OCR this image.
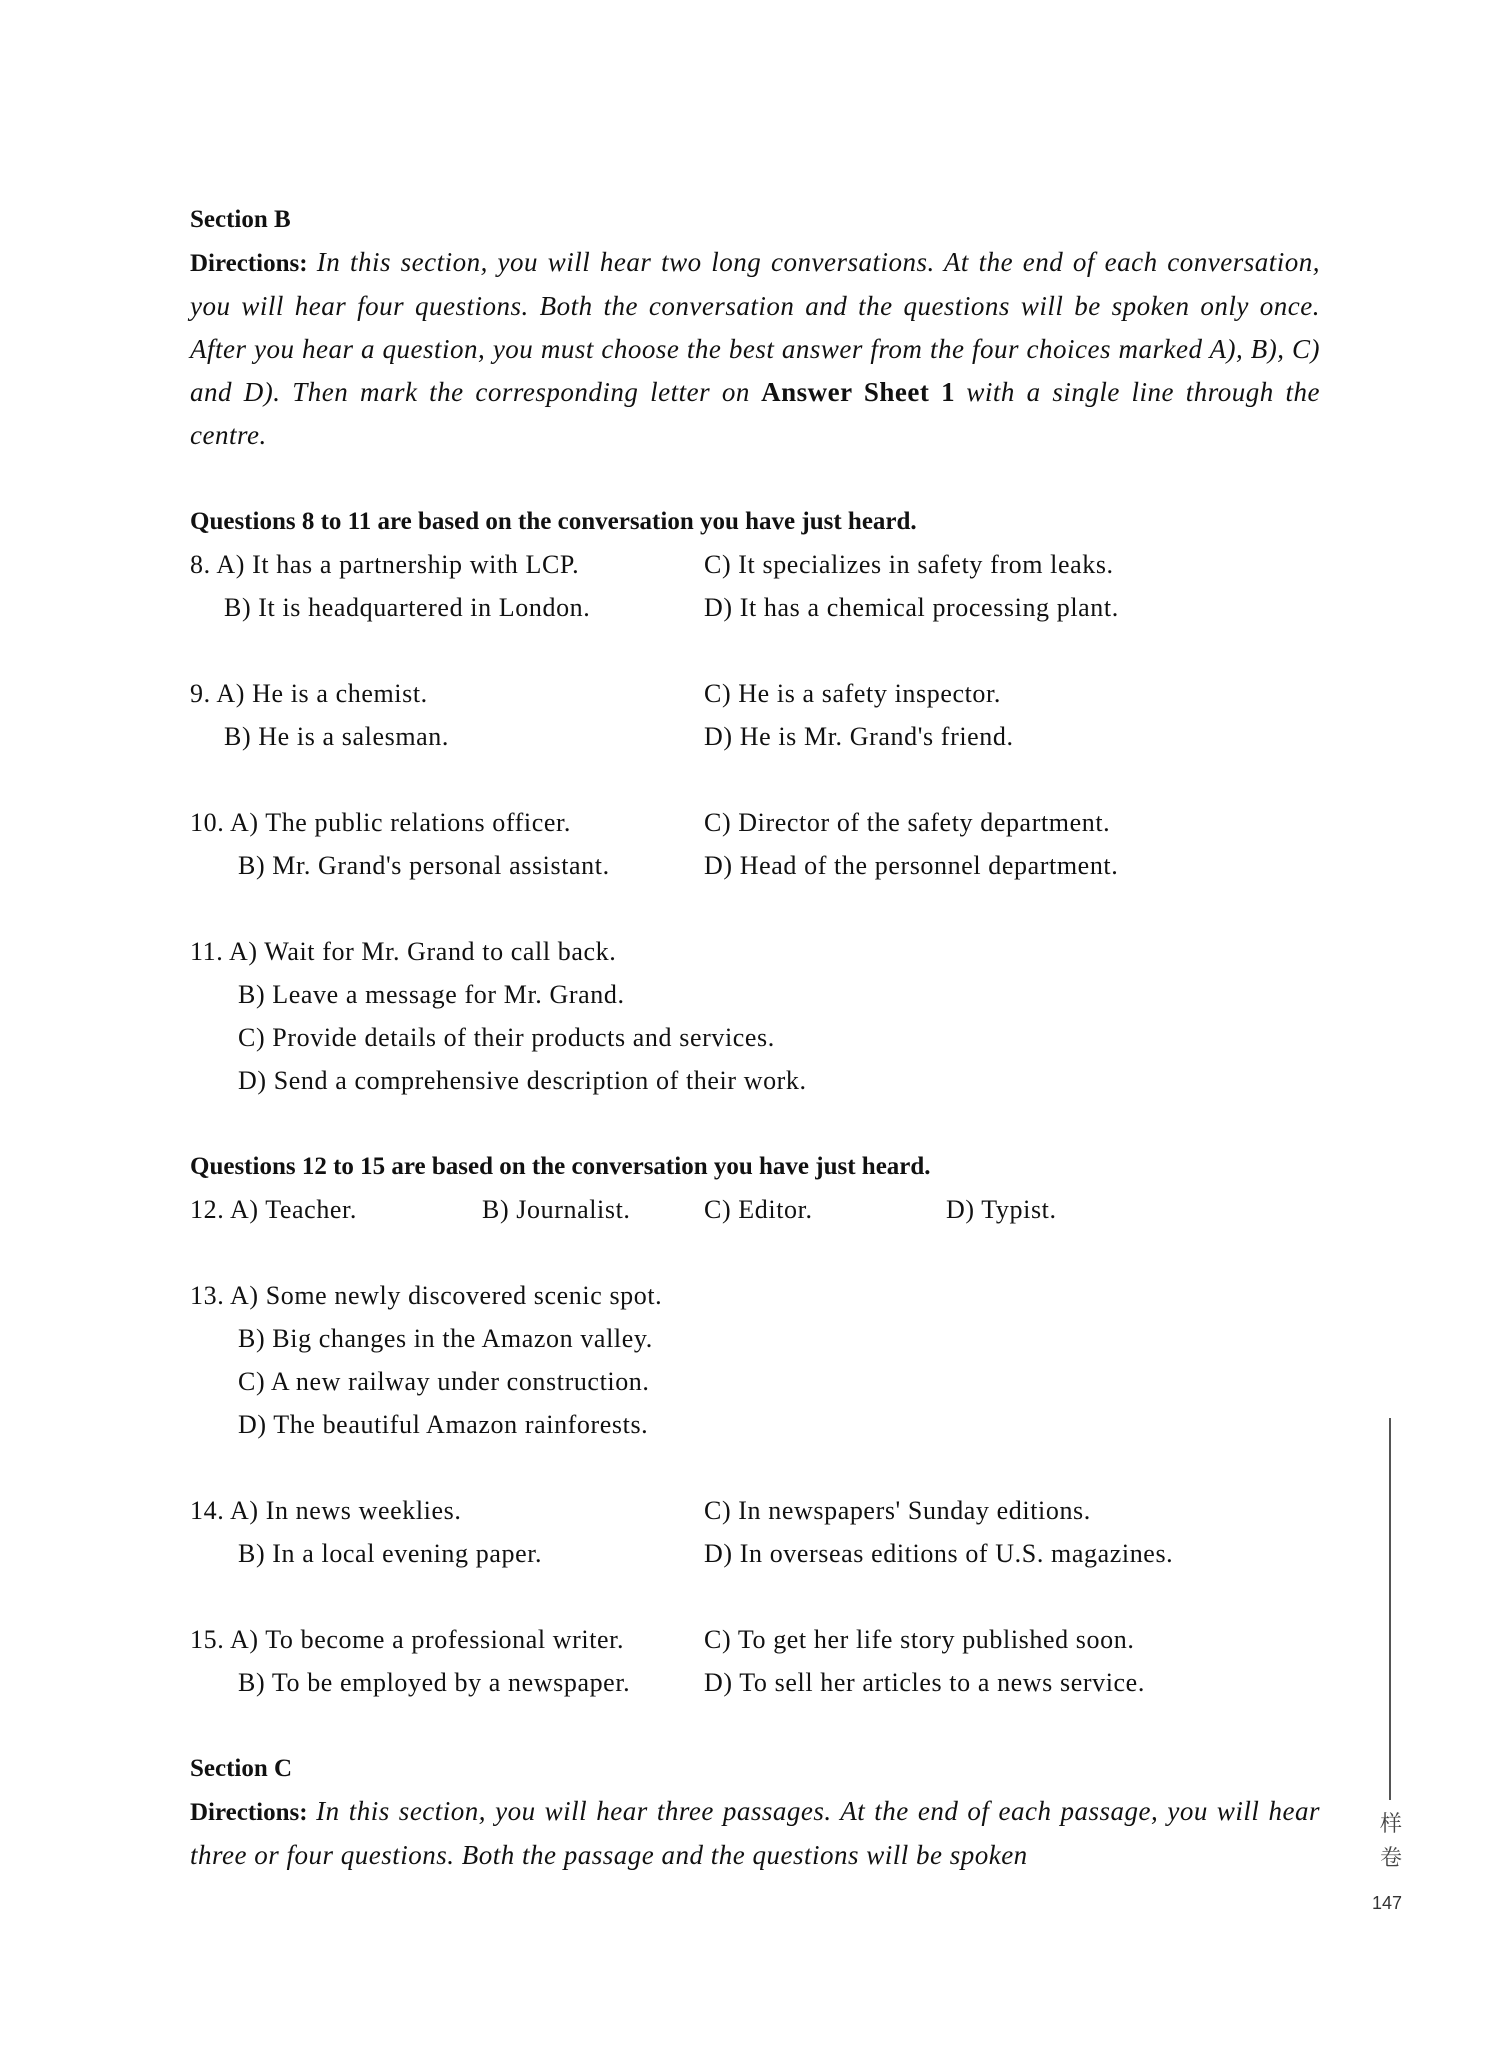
Section B
Directions: In this section, you will hear two long conversations. At the end of each conversation, you will hear four questions. Both the conversation and the questions will be spoken only once. After you hear a question, you must choose the best answer from the four choices marked A), B), C) and D). Then mark the corresponding letter on Answer Sheet 1 with a single line through the centre.
Questions 8 to 11 are based on the conversation you have just heard.
8. A) It has a partnership with LCP.	C) It specializes in safety from leaks.
B) It is headquartered in London.	D) It has a chemical processing plant.
9. A) He is a chemist.	C) He is a safety inspector.
B) He is a salesman.	D) He is Mr. Grand's friend.
10. A) The public relations officer.	C) Director of the safety department.
B) Mr. Grand's personal assistant.	D) Head of the personnel department.
11. A) Wait for Mr. Grand to call back.
B) Leave a message for Mr. Grand.
C) Provide details of their products and services.
D) Send a comprehensive description of their work.
Questions 12 to 15 are based on the conversation you have just heard.
12. A) Teacher.	B) Journalist.	C) Editor.	D) Typist.
13. A) Some newly discovered scenic spot.
B) Big changes in the Amazon valley.
C) A new railway under construction.
D) The beautiful Amazon rainforests.
14. A) In news weeklies.	C) In newspapers' Sunday editions.
B) In a local evening paper.	D) In overseas editions of U.S. magazines.
15. A) To become a professional writer.	C) To get her life story published soon.
B) To be employed by a newspaper.	D) To sell her articles to a news service.
Section C
Directions: In this section, you will hear three passages. At the end of each passage, you will hear three or four questions. Both the passage and the questions will be spoken
样卷
147
